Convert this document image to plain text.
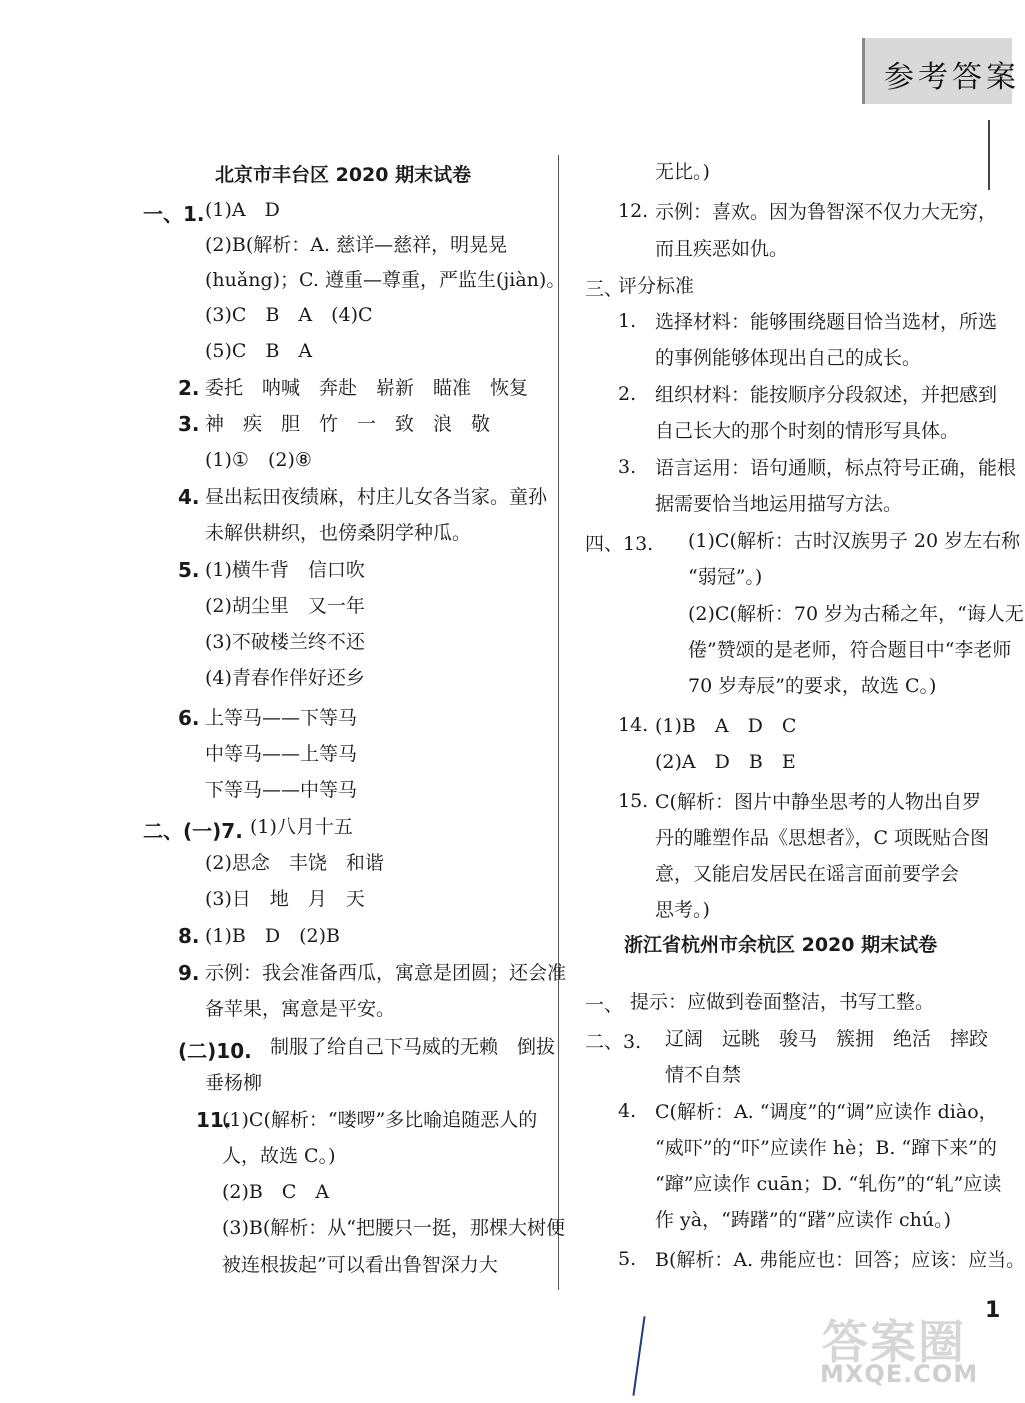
参考答案
北京市丰台区 2020 期末试卷
一、1. (1)A　D
(2)B(解析：A. 慈详—慈祥，明晃晃
(huǎng)；C. 遵重—尊重，严监生(jiàn)。
(3)C　B　A　(4)C
(5)C　B　A
2. 委托　呐喊　奔赴　崭新　瞄准　恢复
3. 神　疾　胆　竹　一　致　浪　敬
(1)①　(2)⑧
4. 昼出耘田夜绩麻，村庄儿女各当家。童孙
未解供耕织，也傍桑阴学种瓜。
5. (1)横牛背　信口吹
(2)胡尘里　又一年
(3)不破楼兰终不还
(4)青春作伴好还乡
6. 上等马——下等马
中等马——上等马
下等马——中等马
二、(一)7. (1)八月十五
(2)思念　丰饶　和谐
(3)日　地　月　天
8. (1)B　D　(2)B
9. 示例：我会准备西瓜，寓意是团圆；还会准
备苹果，寓意是平安。
(二)10. 制服了给自己下马威的无赖　倒拔
垂杨柳
11.
(1)C(解析：“喽啰”多比喻追随恶人的
人，故选 C。)
(2)B　C　A
(3)B(解析：从“把腰只一挺，那棵大树便
被连根拔起”可以看出鲁智深力大
无比。)
12. 示例：喜欢。因为鲁智深不仅力大无穷，
而且疾恶如仇。
三、
评分标准
1. 选择材料：能够围绕题目恰当选材，所选
的事例能够体现出自己的成长。
2. 组织材料：能按顺序分段叙述，并把感到
自己长大的那个时刻的情形写具体。
3. 语言运用：语句通顺，标点符号正确，能根
据需要恰当地运用描写方法。
四、13. (1)C(解析：古时汉族男子 20 岁左右称
“弱冠”。)
(2)C(解析：70 岁为古稀之年，“诲人无
倦”赞颂的是老师，符合题目中“李老师
70 岁寿辰”的要求，故选 C。)
14. (1)B　A　D　C
(2)A　D　B　E
15. C(解析：图片中静坐思考的人物出自罗
丹的雕塑作品《思想者》，C 项既贴合图
意，又能启发居民在谣言面前要学会
思考。)
浙江省杭州市余杭区 2020 期末试卷
一、 提示：应做到卷面整洁，书写工整。
二、3. 辽阔　远眺　骏马　簇拥　绝活　摔跤
情不自禁
4. C(解析：A. “调度”的“调”应读作 diào，
“威吓”的“吓”应读作 hè；B. “蹿下来”的
“蹿”应读作 cuān；D. “轧伤”的“轧”应读
作 yà，“踌躇”的“躇”应读作 chú。)
5. B(解析：A. 弗能应也：回答；应该：应当。
1
答案圈
MXQE.COM
